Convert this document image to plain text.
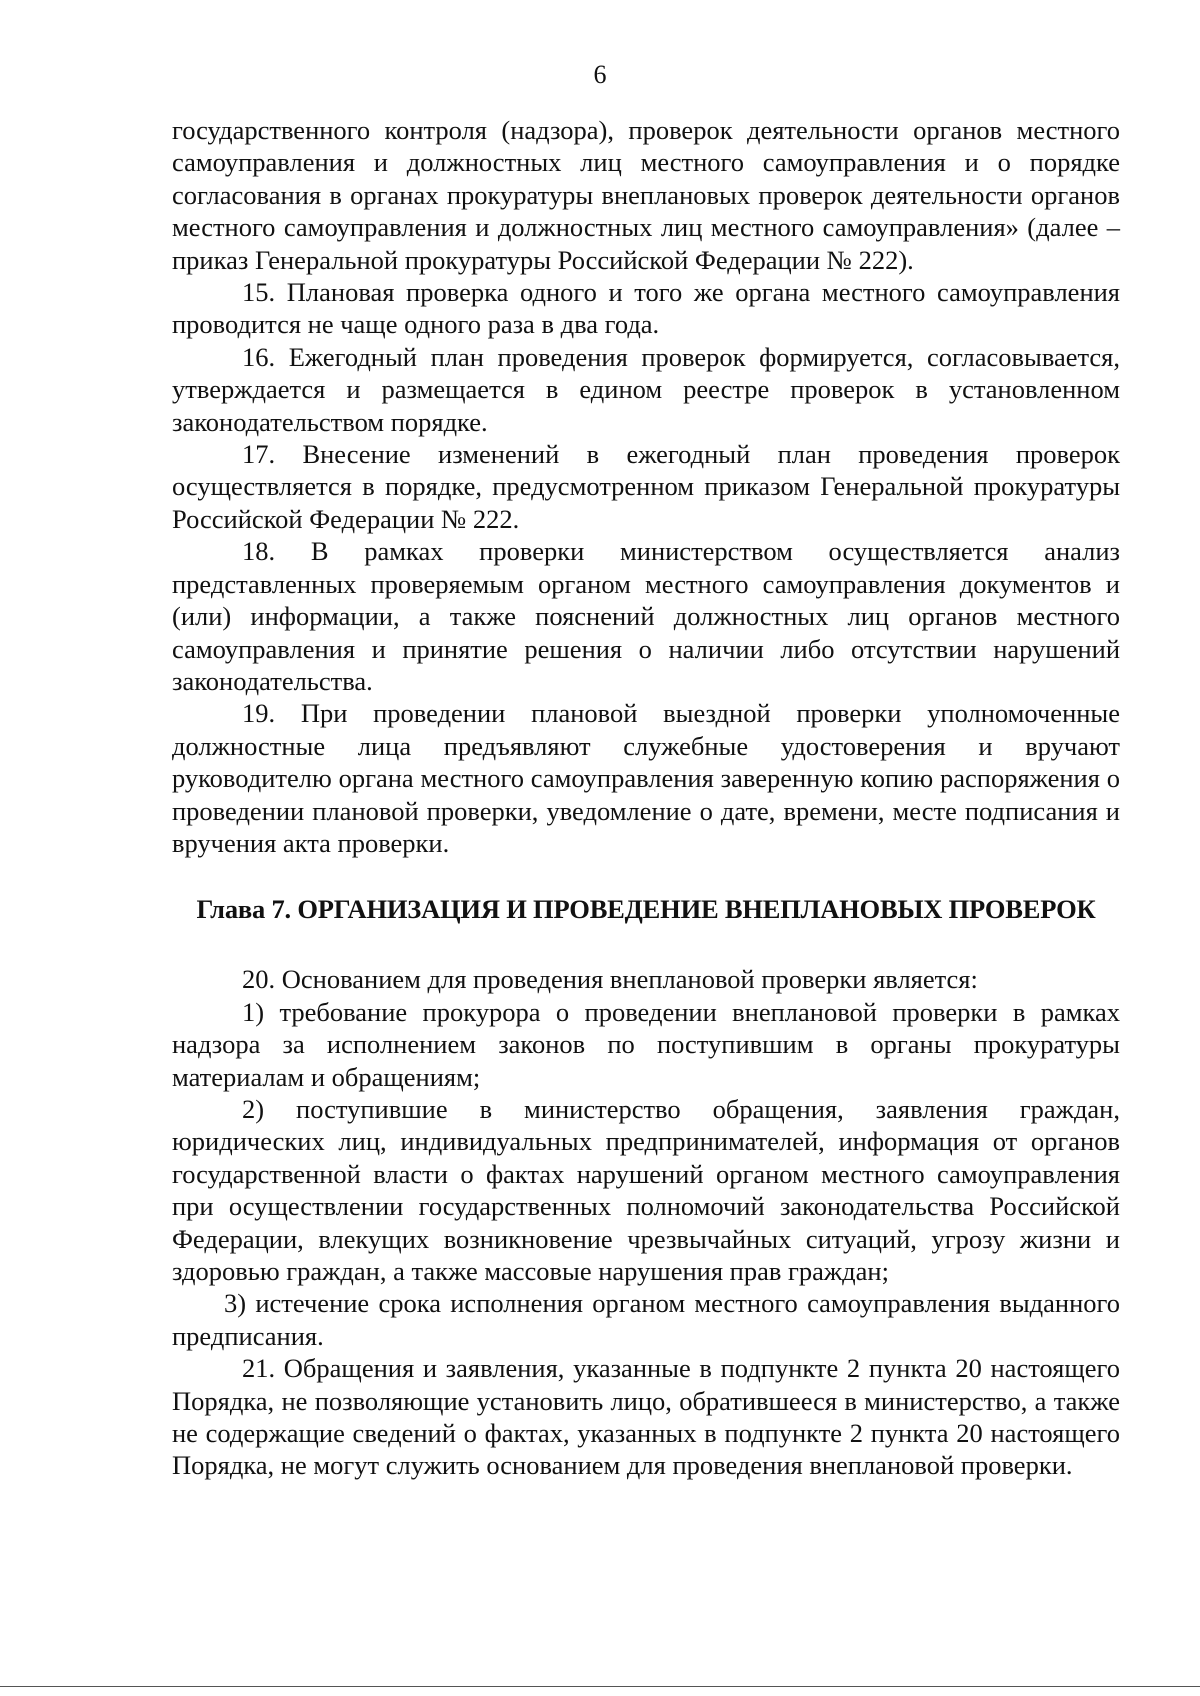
6

государственного контроля (надзора), проверок деятельности органов местного самоуправления и должностных лиц местного самоуправления и о порядке согласования в органах прокуратуры внеплановых проверок деятельности органов местного самоуправления и должностных лиц местного самоуправления» (далее – приказ Генеральной прокуратуры Российской Федерации № 222).

15. Плановая проверка одного и того же органа местного самоуправления проводится не чаще одного раза в два года.

16. Ежегодный план проведения проверок формируется, согласовывается, утверждается и размещается в едином реестре проверок в установленном законодательством порядке.

17. Внесение изменений в ежегодный план проведения проверок осуществляется в порядке, предусмотренном приказом Генеральной прокуратуры Российской Федерации № 222.

18. В рамках проверки министерством осуществляется анализ представленных проверяемым органом местного самоуправления документов и (или) информации, а также пояснений должностных лиц органов местного самоуправления и принятие решения о наличии либо отсутствии нарушений законодательства.

19. При проведении плановой выездной проверки уполномоченные должностные лица предъявляют служебные удостоверения и вручают руководителю органа местного самоуправления заверенную копию распоряжения о проведении плановой проверки, уведомление о дате, времени, месте подписания и вручения акта проверки.

Глава 7. ОРГАНИЗАЦИЯ И ПРОВЕДЕНИЕ ВНЕПЛАНОВЫХ ПРОВЕРОК

20. Основанием для проведения внеплановой проверки является:

1) требование прокурора о проведении внеплановой проверки в рамках надзора за исполнением законов по поступившим в органы прокуратуры материалам и обращениям;

2) поступившие в министерство обращения, заявления граждан, юридических лиц, индивидуальных предпринимателей, информация от органов государственной власти о фактах нарушений органом местного самоуправления при осуществлении государственных полномочий законодательства Российской Федерации, влекущих возникновение чрезвычайных ситуаций, угрозу жизни и здоровью граждан, а также массовые нарушения прав граждан;

3) истечение срока исполнения органом местного самоуправления выданного предписания.

21. Обращения и заявления, указанные в подпункте 2 пункта 20 настоящего Порядка, не позволяющие установить лицо, обратившееся в министерство, а также не содержащие сведений о фактах, указанных в подпункте 2 пункта 20 настоящего Порядка, не могут служить основанием для проведения внеплановой проверки.
